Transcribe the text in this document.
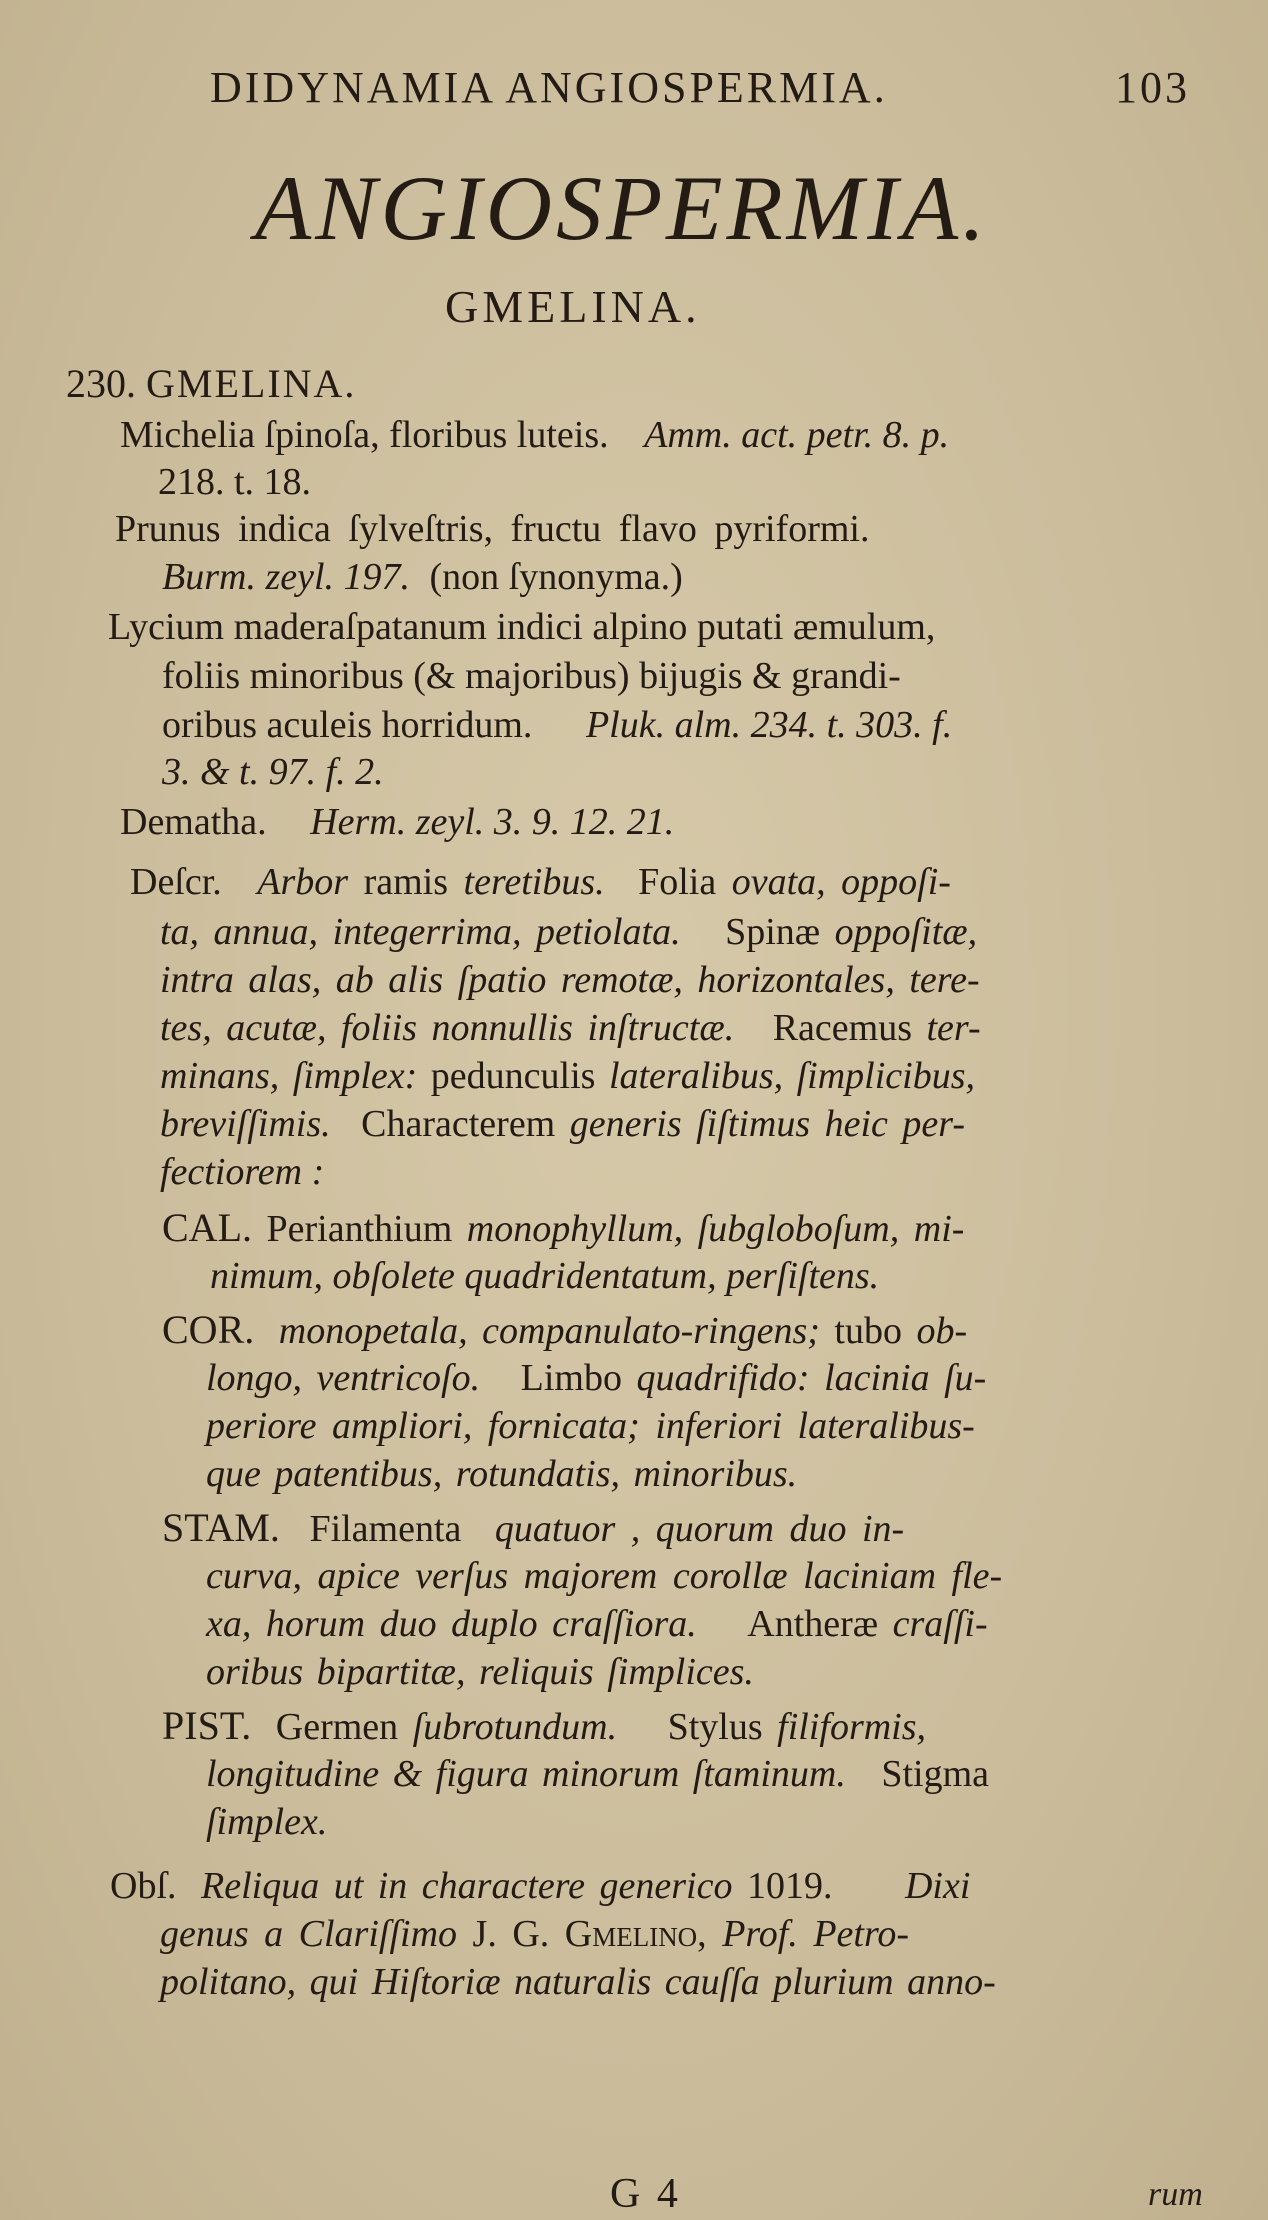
DIDYNAMIA ANGIOSPERMIA.	103
ANGIOSPERMIA.
GMELINA.
230. GMELINA.
Michelia ſpinoſa, floribus luteis. Amm. act. petr. 8. p.
218. t. 18.
Prunus indica ſylveſtris, fructu flavo pyriformi.
Burm. zeyl. 197. (non ſynonyma.)
Lycium maderaſpatanum indici alpino putati æmulum,
foliis minoribus (& majoribus) bijugis & grandi-
oribus aculeis horridum. Pluk. alm. 234. t. 303. f.
3. & t. 97. f. 2.
Dematha. Herm. zeyl. 3. 9. 12. 21.
Deſcr. Arbor ramis teretibus. Folia ovata, oppoſi-
ta, annua, integerrima, petiolata. Spinæ oppoſitæ,
intra alas, ab alis ſpatio remotæ, horizontales, tere-
tes, acutæ, foliis nonnullis inſtructæ. Racemus ter-
minans, ſimplex: pedunculis lateralibus, ſimplicibus,
breviſſimis. Characterem generis ſiſtimus heic per-
fectiorem :
CAL. Perianthium monophyllum, ſubgloboſum, mi-
nimum, obſolete quadridentatum, perſiſtens.
COR. monopetala, companulato-ringens; tubo ob-
longo, ventricoſo. Limbo quadrifido: lacinia ſu-
periore ampliori, fornicata; inferiori lateralibus-
que patentibus, rotundatis, minoribus.
STAM. Filamenta quatuor , quorum duo in-
curva, apice verſus majorem corollæ laciniam fle-
xa, horum duo duplo craſſiora. Antheræ craſſi-
oribus bipartitæ, reliquis ſimplices.
PIST. Germen ſubrotundum. Stylus filiformis,
longitudine & figura minorum ſtaminum. Stigma
ſimplex.
Obſ. Reliqua ut in charactere generico 1019. Dixi
genus a Clariſſimo J. G. Gmelino, Prof. Petro-
politano, qui Hiſtoriæ naturalis cauſſa plurium anno-
G 4	rum
